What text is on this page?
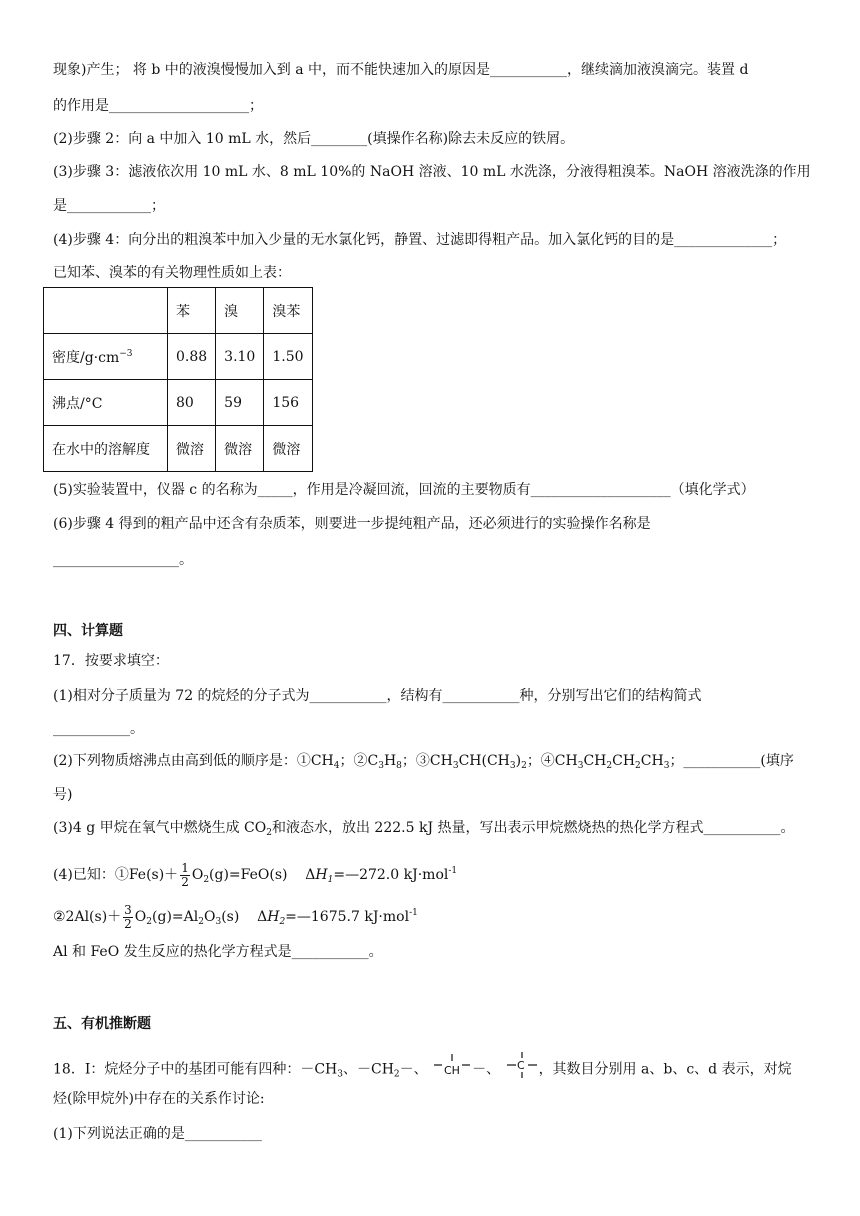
现象)产生； 将 b 中的液溴慢慢加入到 a 中，而不能快速加入的原因是___________，继续滴加液溴滴完。装置 d
的作用是____________________；
(2)步骤 2：向 a 中加入 10 mL 水，然后________(填操作名称)除去未反应的铁屑。
(3)步骤 3：滤液依次用 10 mL 水、8 mL 10%的 NaOH 溶液、10 mL 水洗涤，分液得粗溴苯。NaOH 溶液洗涤的作用
是____________；
(4)步骤 4：向分出的粗溴苯中加入少量的无水氯化钙，静置、过滤即得粗产品。加入氯化钙的目的是______________；
已知苯、溴苯的有关物理性质如上表：
	苯	溴	溴苯
密度$/g\cdot cm^{-3}$	0.88	3.10	1.50
沸点/°C	80	59	156
在水中的溶解度	微溶	微溶	微溶
(5)实验装置中，仪器 c 的名称为_____，作用是冷凝回流，回流的主要物质有____________________（填化学式）
(6)步骤 4 得到的粗产品中还含有杂质苯，则要进一步提纯粗产品，还必须进行的实验操作名称是
__________________。
四、计算题
17．按要求填空：
(1)相对分子质量为 72 的烷烃的分子式为___________，结构有___________种，分别写出它们的结构简式
___________。
(2)下列物质熔沸点由高到低的顺序是：$①CH_4$；$②C_3H_8$；$③CH_3CH(CH_3)_2$；$④CH_3CH_2CH_2CH_3$；___________(填序
号)
(3)4 g 甲烷在氧气中燃烧生成 $CO_2$和液态水，放出 222.5 kJ 热量，写出表示甲烷燃烧热的热化学方程式___________。
(4)已知：①Fe(s)＋ $\frac{1}{2} O_2(g)=FeO(s)$    $\Delta H_1=—272.0$ kJ·mol$^{-1}$
②2Al(s)＋ $\frac{3}{2} O_2(g)=Al_2O_3(s)$    $\Delta H_2=—1675.7$ kJ·mol$^{-1}$
Al 和 FeO 发生反应的热化学方程式是___________。
五、有机推断题
18．I：烷烃分子中的基团可能有四种：$-CH_3$、$-CH_2-$、 CH －、 C ，其数目分别用 a、b、c、d 表示，对烷
烃(除甲烷外)中存在的关系作讨论:
(1)下列说法正确的是___________
